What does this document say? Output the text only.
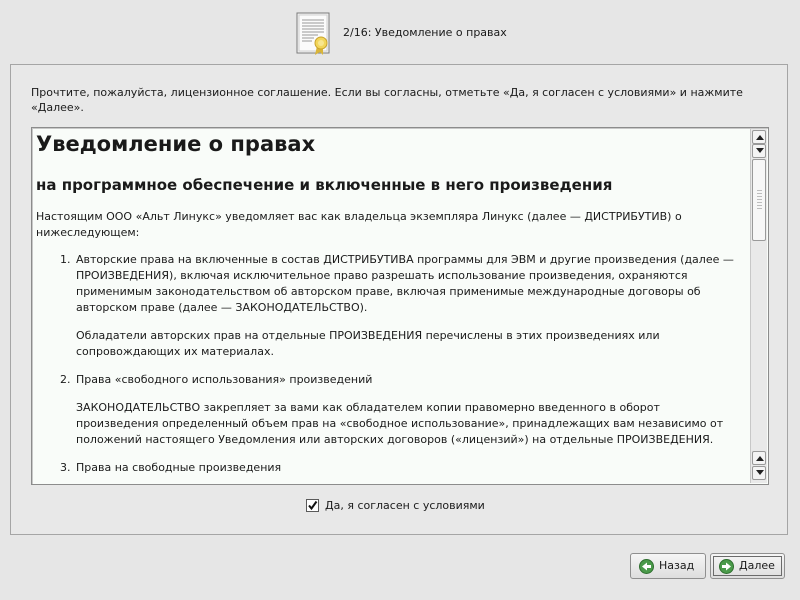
2/16: Уведомление о правах
Прочтите, пожалуйста, лицензионное соглашение. Если вы согласны, отметьте «Да, я согласен с условиями» и нажмите «Далее».
Уведомление о правах
на программное обеспечение и включенные в него произведения
Настоящим ООО «Альт Линукс» уведомляет вас как владельца экземпляра Линукс (далее — ДИСТРИБУТИВ) о нижеследующем:
1. Авторские права на включенные в состав ДИСТРИБУТИВА программы для ЭВМ и другие произведения (далее — ПРОИЗВЕДЕНИЯ), включая исключительное право разрешать использование произведения, охраняются применимым законодательством об авторском праве, включая применимые международные договоры об авторском праве (далее — ЗАКОНОДАТЕЛЬСТВО).
Обладатели авторских прав на отдельные ПРОИЗВЕДЕНИЯ перечислены в этих произведениях или сопровождающих их материалах.
2. Права «свободного использования» произведений
ЗАКОНОДАТЕЛЬСТВО закрепляет за вами как обладателем копии правомерно введенного в оборот произведения определенный объем прав на «свободное использование», принадлежащих вам независимо от положений настоящего Уведомления или авторских договоров («лицензий») на отдельные ПРОИЗВЕДЕНИЯ.
3. Права на свободные произведения
Да, я согласен с условиями
Назад	Далее
